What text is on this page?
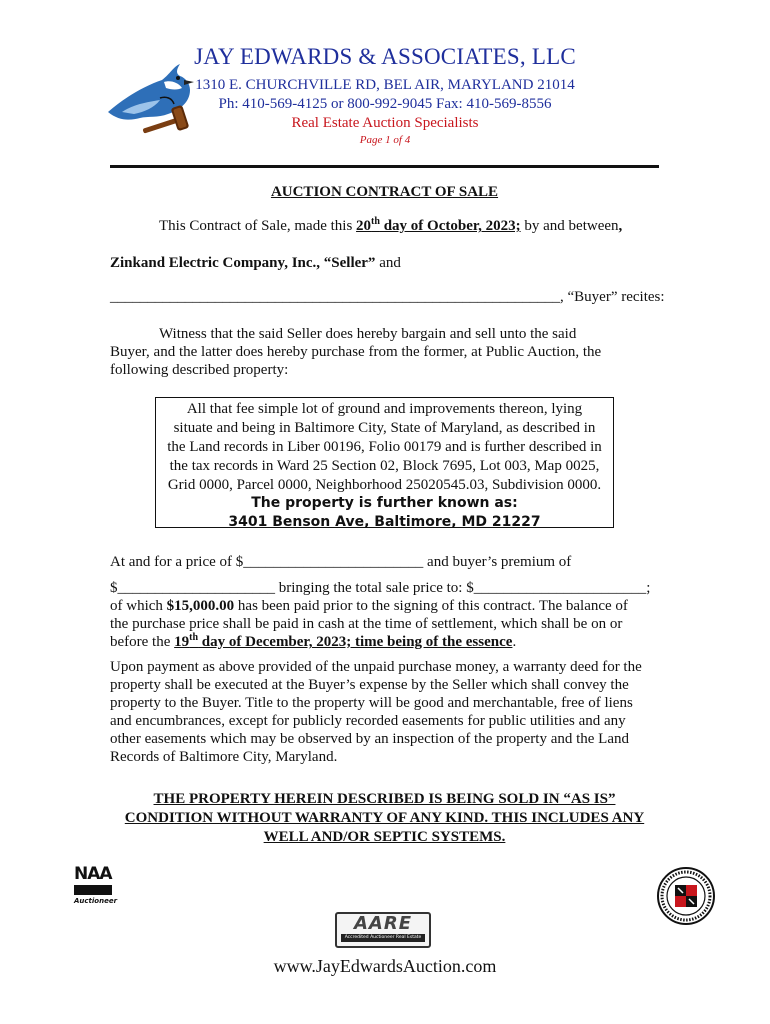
JAY EDWARDS & ASSOCIATES, LLC
1310 E. CHURCHVILLE RD, BEL AIR, MARYLAND 21014
Ph: 410-569-4125 or 800-992-9045 Fax: 410-569-8556
Real Estate Auction Specialists
Page 1 of 4
AUCTION CONTRACT OF SALE
This Contract of Sale, made this 20th day of October, 2023; by and between,
Zinkand Electric Company, Inc., “Seller” and
____________________________________________________________, “Buyer” recites:
Witness that the said Seller does hereby bargain and sell unto the said
Buyer, and the latter does hereby purchase from the former, at Public Auction, the
following described property:
All that fee simple lot of ground and improvements thereon, lying
situate and being in Baltimore City, State of Maryland, as described in
the Land records in Liber 00196, Folio 00179 and is further described in
the tax records in Ward 25 Section 02, Block 7695, Lot 003, Map 0025,
Grid 0000, Parcel 0000, Neighborhood 25020545.03, Subdivision 0000.
The property is further known as:
3401 Benson Ave, Baltimore, MD 21227
At and for a price of $________________________ and buyer’s premium of
$_____________________ bringing the total sale price to: $_______________________;
of which $15,000.00 has been paid prior to the signing of this contract. The balance of
the purchase price shall be paid in cash at the time of settlement, which shall be on or
before the 19th day of December, 2023; time being of the essence.
Upon payment as above provided of the unpaid purchase money, a warranty deed for the
property shall be executed at the Buyer’s expense by the Seller which shall convey the
property to the Buyer. Title to the property will be good and merchantable, free of liens
and encumbrances, except for publicly recorded easements for public utilities and any
other easements which may be observed by an inspection of the property and the Land
Records of Baltimore City, Maryland.
THE PROPERTY HEREIN DESCRIBED IS BEING SOLD IN “AS IS”
CONDITION WITHOUT WARRANTY OF ANY KIND. THIS INCLUDES ANY
WELL AND/OR SEPTIC SYSTEMS.
NAA
Auctioneer
AARE
Accredited Auctioneer Real Estate
www.JayEdwardsAuction.com
